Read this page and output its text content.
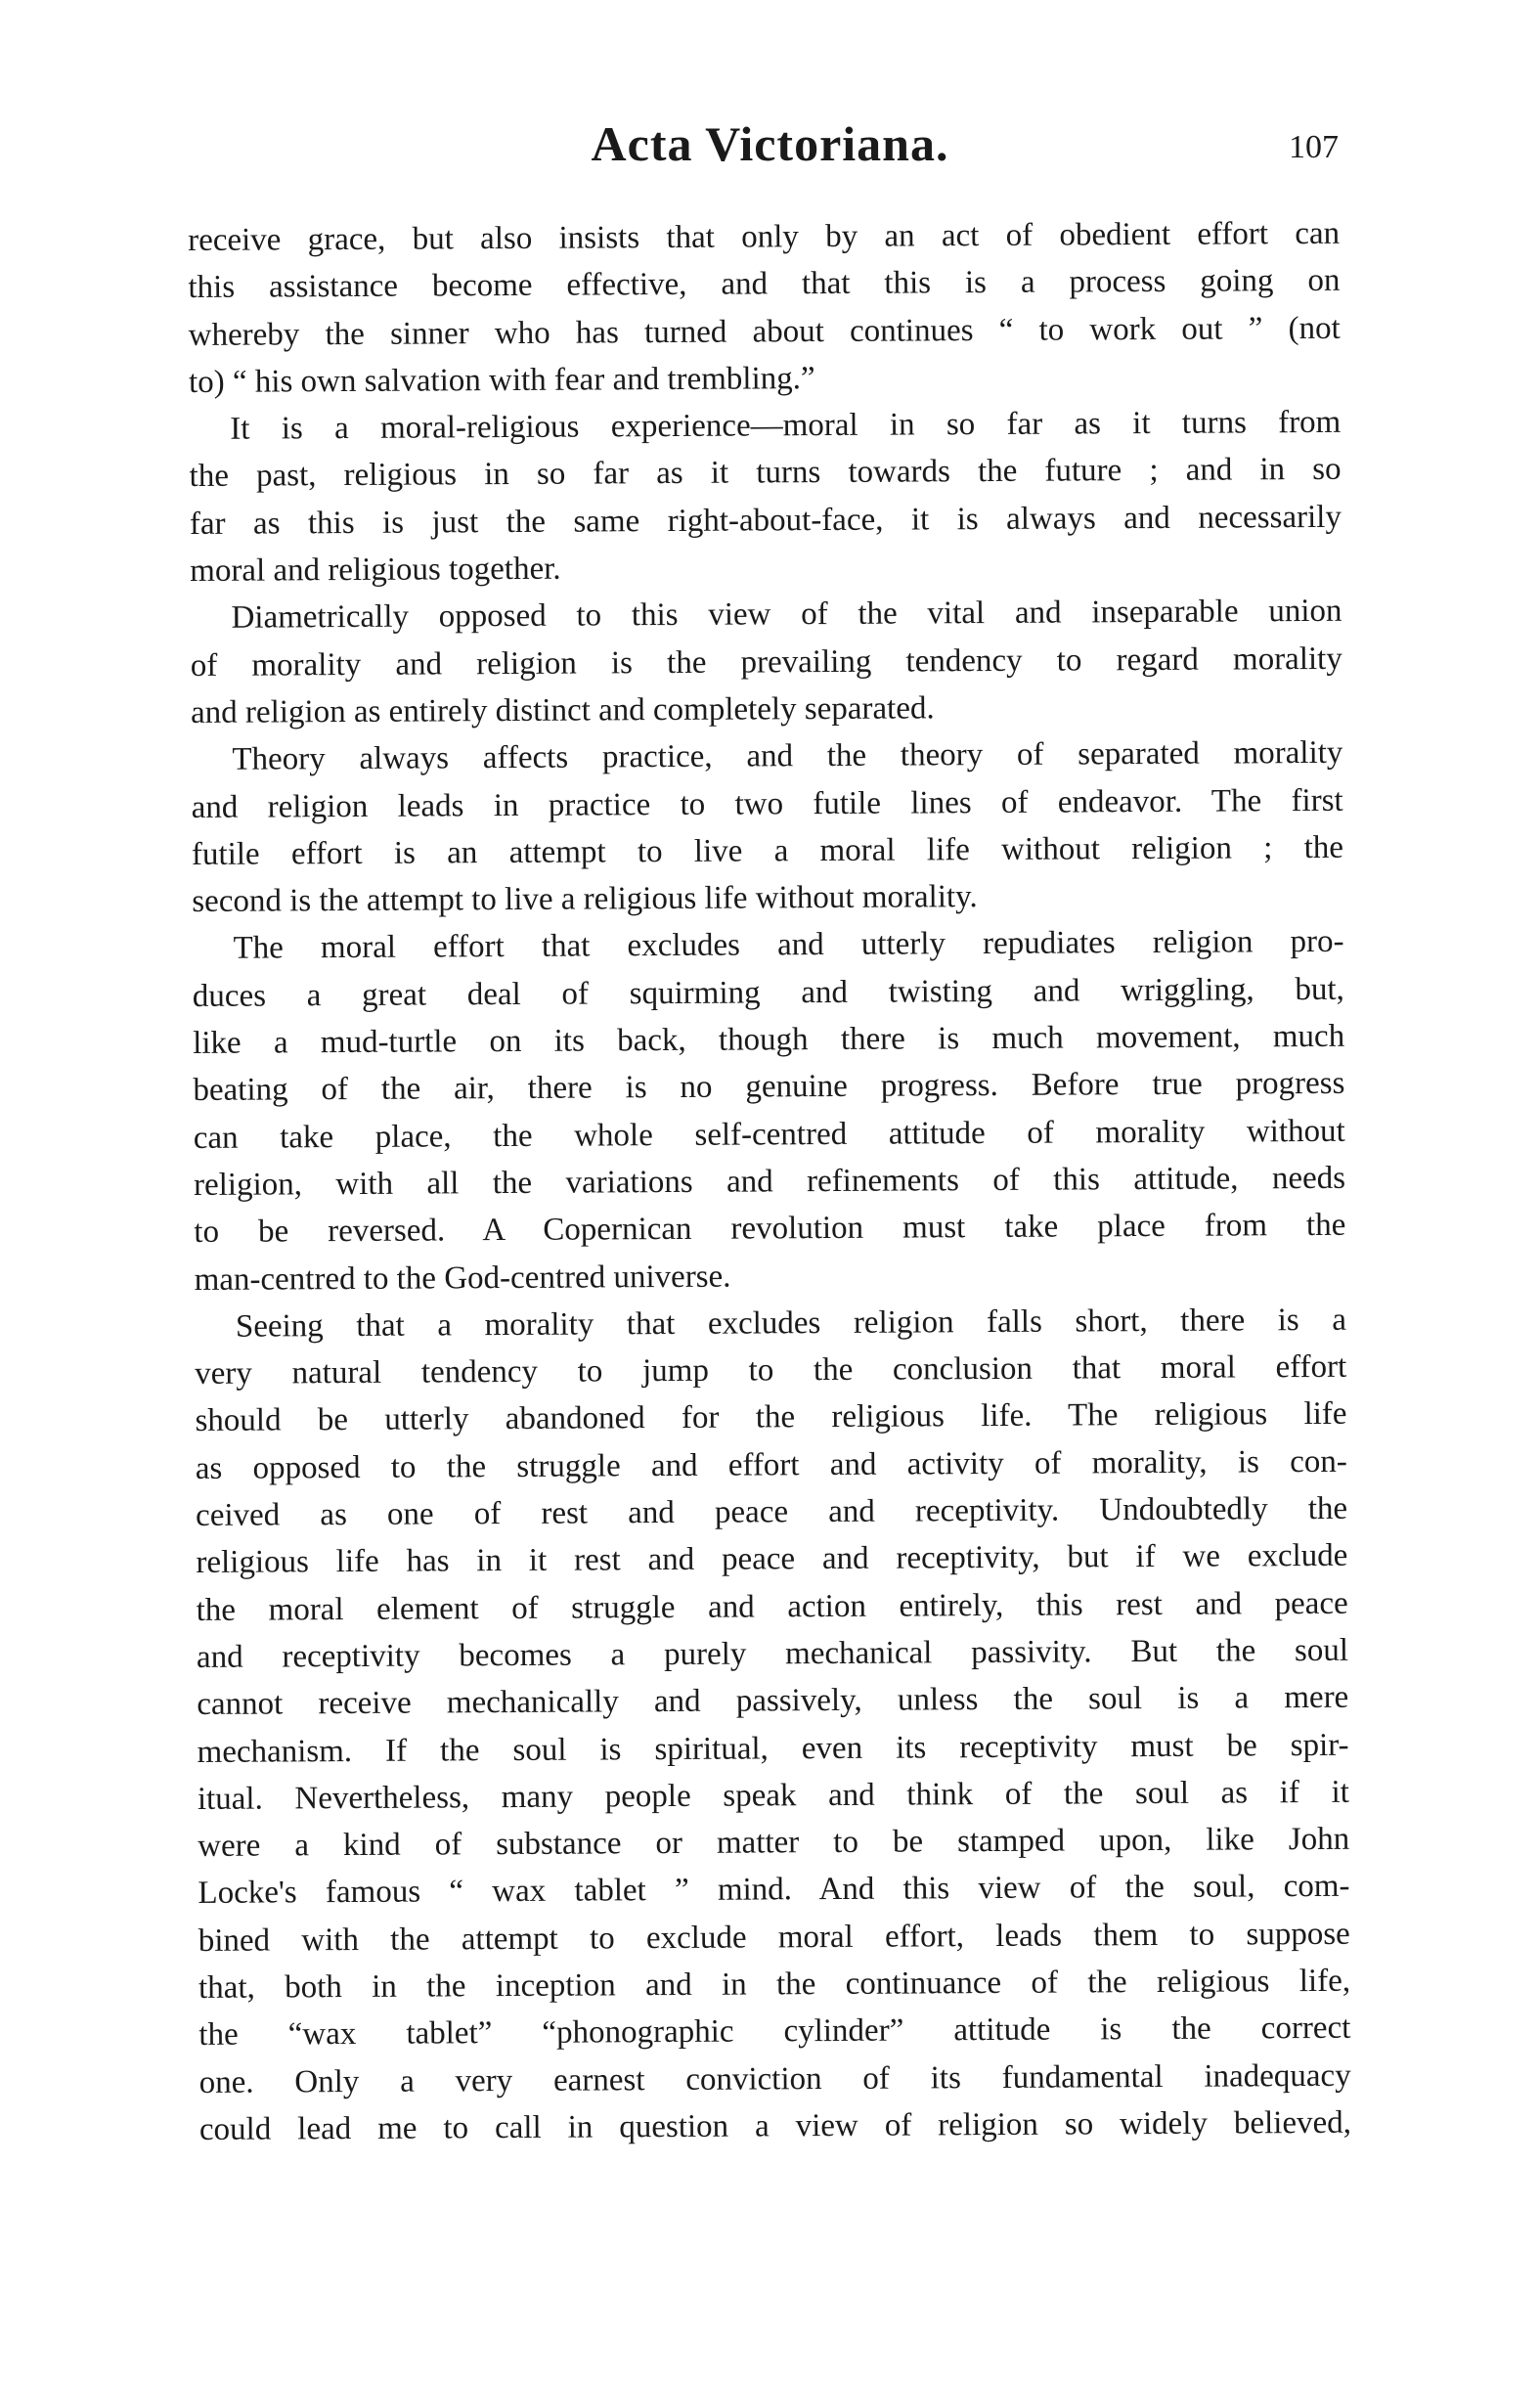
Acta Victoriana.	107
receive grace, but also insists that only by an act of obedient effort can
this assistance become effective, and that this is a process going on
whereby the sinner who has turned about continues “ to work out ” (not
to) “ his own salvation with fear and trembling.”
It is a moral-religious experience—moral in so far as it turns from
the past, religious in so far as it turns towards the future ; and in so
far as this is just the same right-about-face, it is always and necessarily
moral and religious together.
Diametrically opposed to this view of the vital and inseparable union
of morality and religion is the prevailing tendency to regard morality
and religion as entirely distinct and completely separated.
Theory always affects practice, and the theory of separated morality
and religion leads in practice to two futile lines of endeavor. The first
futile effort is an attempt to live a moral life without religion ; the
second is the attempt to live a religious life without morality.
The moral effort that excludes and utterly repudiates religion pro-
duces a great deal of squirming and twisting and wriggling, but,
like a mud-turtle on its back, though there is much movement, much
beating of the air, there is no genuine progress. Before true progress
can take place, the whole self-centred attitude of morality without
religion, with all the variations and refinements of this attitude, needs
to be reversed. A Copernican revolution must take place from the
man-centred to the God-centred universe.
Seeing that a morality that excludes religion falls short, there is a
very natural tendency to jump to the conclusion that moral effort
should be utterly abandoned for the religious life. The religious life
as opposed to the struggle and effort and activity of morality, is con-
ceived as one of rest and peace and receptivity. Undoubtedly the
religious life has in it rest and peace and receptivity, but if we exclude
the moral element of struggle and action entirely, this rest and peace
and receptivity becomes a purely mechanical passivity. But the soul
cannot receive mechanically and passively, unless the soul is a mere
mechanism. If the soul is spiritual, even its receptivity must be spir-
itual. Nevertheless, many people speak and think of the soul as if it
were a kind of substance or matter to be stamped upon, like John
Locke's famous “ wax tablet ” mind. And this view of the soul, com-
bined with the attempt to exclude moral effort, leads them to suppose
that, both in the inception and in the continuance of the religious life,
the “wax tablet” “phonographic cylinder” attitude is the correct
one. Only a very earnest conviction of its fundamental inadequacy
could lead me to call in question a view of religion so widely believed,
